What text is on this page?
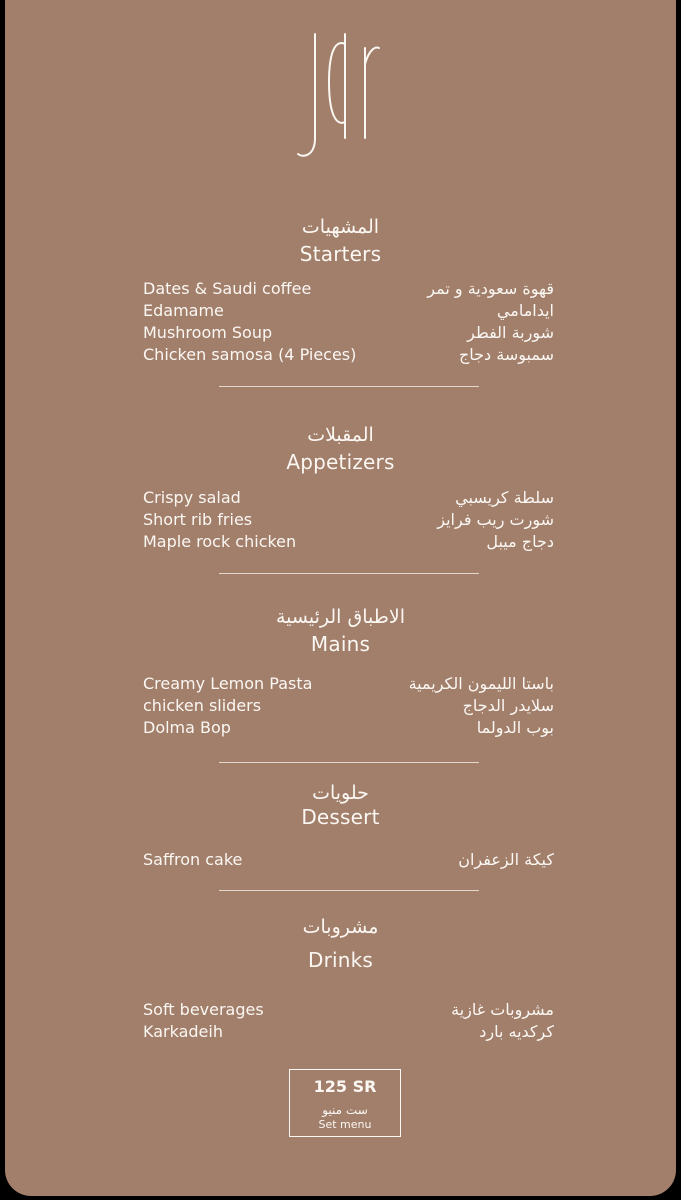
المشهيات
Starters
Dates & Saudi coffee	قهوة سعودية و تمر
Edamame	ايدامامي
Mushroom Soup	شوربة الفطر
Chicken samosa (4 Pieces)	سمبوسة دجاج
المقبلات
Appetizers
Crispy salad	سلطة كريسبي
Short rib fries	شورت ريب فرايز
Maple rock chicken	دجاج ميبل
الاطباق الرئيسية
Mains
Creamy Lemon Pasta	باستا الليمون الكريمية
chicken sliders	سلايدر الدجاج
Dolma Bop	بوب الدولما
حلويات
Dessert
Saffron cake	كيكة الزعفران
مشروبات
Drinks
Soft beverages	مشروبات غازية
Karkadeih	كركديه بارد
125 SR
ست منيو
Set menu
